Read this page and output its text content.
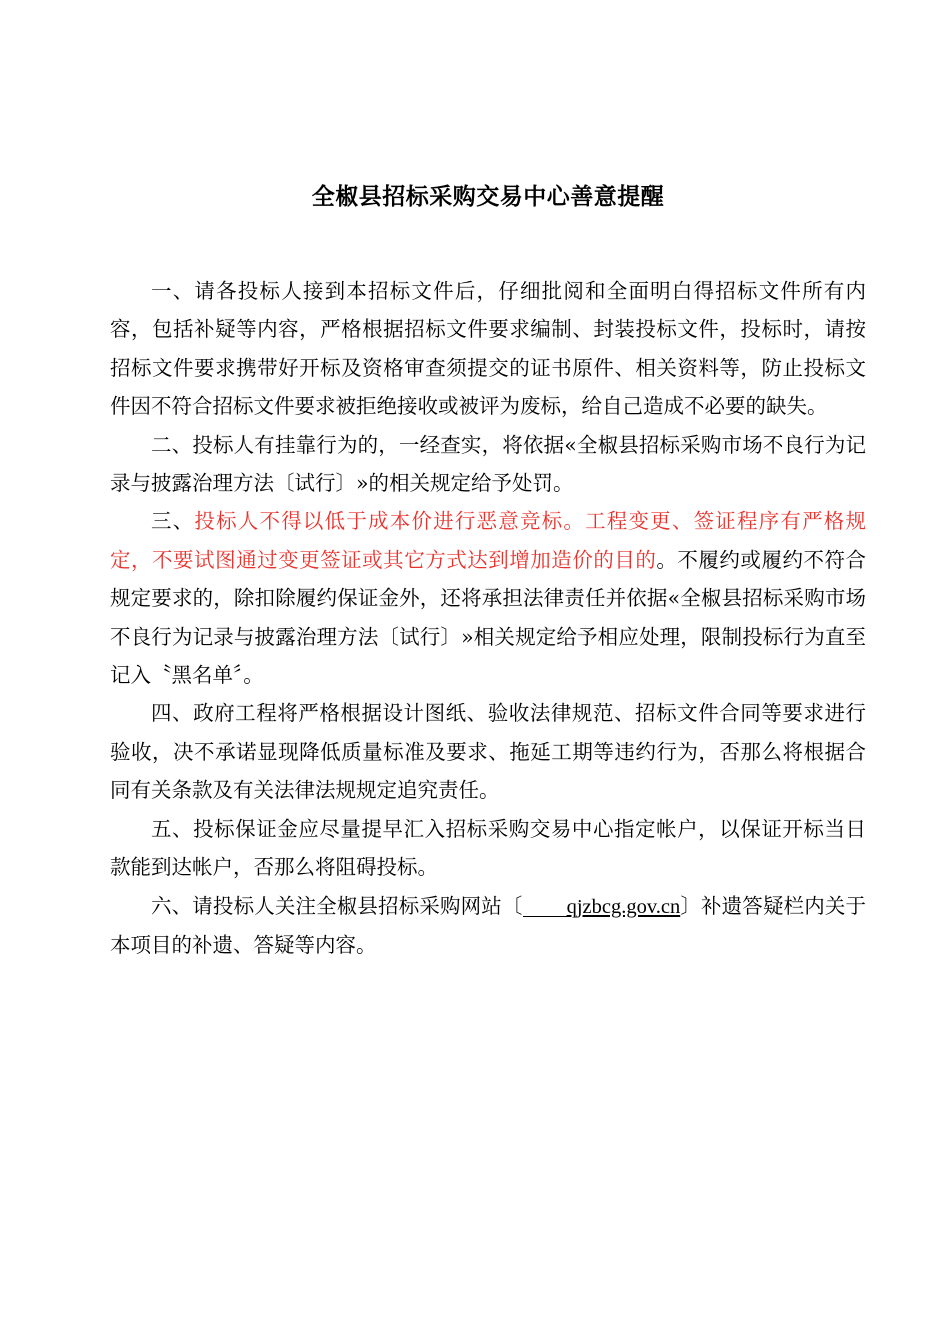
全椒县招标采购交易中心善意提醒

一、请各投标人接到本招标文件后，仔细批阅和全面明白得招标文件所有内容，包括补疑等内容，严格根据招标文件要求编制、封装投标文件，投标时，请按招标文件要求携带好开标及资格审查须提交的证书原件、相关资料等，防止投标文件因不符合招标文件要求被拒绝接收或被评为废标，给自己造成不必要的缺失。

二、投标人有挂靠行为的，一经查实，将依据«全椒县招标采购市场不良行为记录与披露治理方法〔试行〕»的相关规定给予处罚。

三、投标人不得以低于成本价进行恶意竞标。工程变更、签证程序有严格规定，不要试图通过变更签证或其它方式达到增加造价的目的。不履约或履约不符合规定要求的，除扣除履约保证金外，还将承担法律责任并依据«全椒县招标采购市场不良行为记录与披露治理方法〔试行〕»相关规定给予相应处理，限制投标行为直至记入〝黑名单〞。

四、政府工程将严格根据设计图纸、验收法律规范、招标文件合同等要求进行验收，决不承诺显现降低质量标准及要求、拖延工期等违约行为，否那么将根据合同有关条款及有关法律法规规定追究责任。

五、投标保证金应尽量提早汇入招标采购交易中心指定帐户，以保证开标当日款能到达帐户，否那么将阻碍投标。

六、请投标人关注全椒县招标采购网站〔 qjzbcg.gov.cn〕补遗答疑栏内关于本项目的补遗、答疑等内容。
